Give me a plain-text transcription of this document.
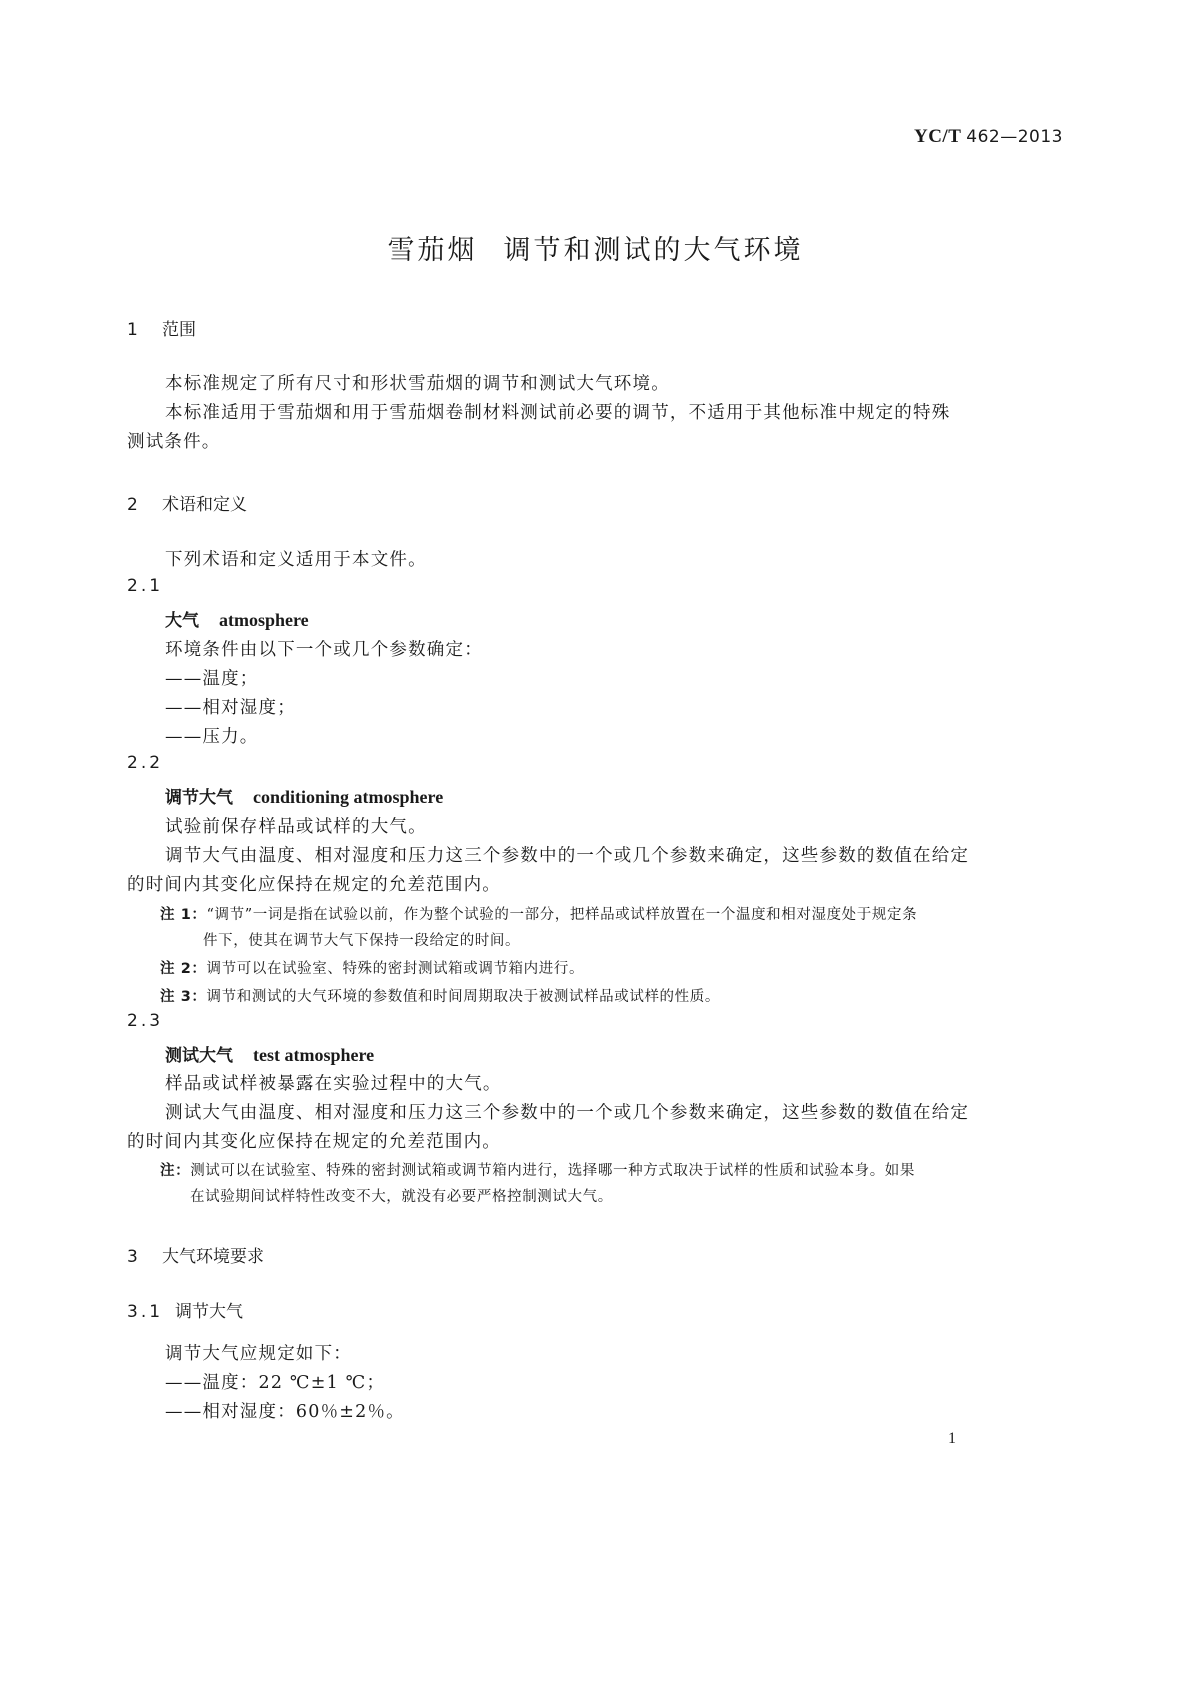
YC/T 462—2013
雪茄烟 调节和测试的大气环境
1 范围
本标准规定了所有尺寸和形状雪茄烟的调节和测试大气环境。
本标准适用于雪茄烟和用于雪茄烟卷制材料测试前必要的调节，不适用于其他标准中规定的特殊
测试条件。
2 术语和定义
下列术语和定义适用于本文件。
2.1
大气 atmosphere
环境条件由以下一个或几个参数确定：
——温度；
——相对湿度；
——压力。
2.2
调节大气 conditioning atmosphere
试验前保存样品或试样的大气。
调节大气由温度、相对湿度和压力这三个参数中的一个或几个参数来确定，这些参数的数值在给定
的时间内其变化应保持在规定的允差范围内。
注 1：“调节”一词是指在试验以前，作为整个试验的一部分，把样品或试样放置在一个温度和相对湿度处于规定条
件下，使其在调节大气下保持一段给定的时间。
注 2：调节可以在试验室、特殊的密封测试箱或调节箱内进行。
注 3：调节和测试的大气环境的参数值和时间周期取决于被测试样品或试样的性质。
2.3
测试大气 test atmosphere
样品或试样被暴露在实验过程中的大气。
测试大气由温度、相对湿度和压力这三个参数中的一个或几个参数来确定，这些参数的数值在给定
的时间内其变化应保持在规定的允差范围内。
注：测试可以在试验室、特殊的密封测试箱或调节箱内进行，选择哪一种方式取决于试样的性质和试验本身。如果
在试验期间试样特性改变不大，就没有必要严格控制测试大气。
3 大气环境要求
3.1 调节大气
调节大气应规定如下：
——温度：22 ℃±1 ℃；
——相对湿度：60％±2％。
1
